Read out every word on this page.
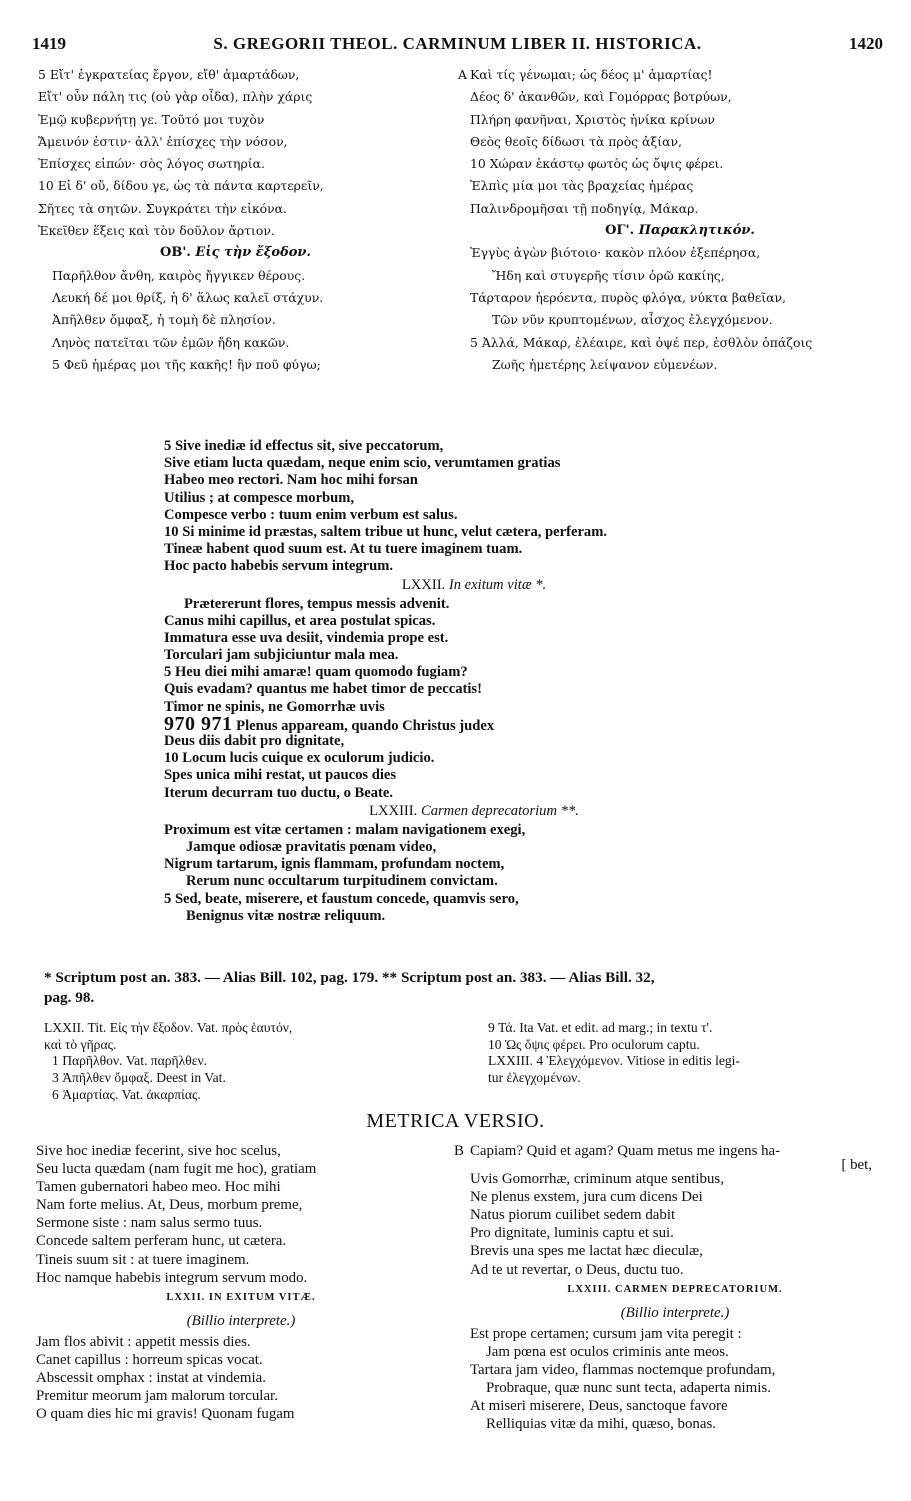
1419	S. GREGORII THEOL. CARMINUM LIBER II. HISTORICA.	1420
5 Εἴτ' ἐγκρατείας ἔργον, εἴθ' ἁμαρτάδων,
Εἴτ' οὖν πάλη τις (οὐ γὰρ οἶδα), πλὴν χάρις
Ἐμῷ κυβερνήτῃ γε. Τοῦτό μοι τυχὸν
Ἄμεινόν ἐστιν· ἀλλ' ἐπίσχες τὴν νόσον,
Ἐπίσχες εἰπών· σὸς λόγος σωτηρία.
10 Εἰ δ' οὔ, δίδου γε, ὡς τὰ πάντα καρτερεῖν,
Σῆτες τὰ σητῶν. Συγκράτει τὴν εἰκόνα.
Ἐκεῖθεν ἕξεις καὶ τὸν δοῦλον ἄρτιον.
ΟΒ'. Εἰς τὴν ἔξοδον.
Παρῆλθον ἄνθη, καιρὸς ἤγγικεν θέρους.
Λευκή δέ μοι θρίξ, ἡ δ' ἅλως καλεῖ στάχυν.
Ἀπῆλθεν ὄμφαξ, ἡ τομὴ δὲ πλησίον.
Ληνὸς πατεῖται τῶν ἐμῶν ἤδη κακῶν.
5 Φεῦ ἡμέρας μοι τῆς κακῆς! ἣν ποῦ φύγω;
A Καὶ τίς γένωμαι; ὡς δέος μ' ἁμαρτίας!
Δέος δ' ἀκανθῶν, καὶ Γομόρρας βοτρύων,
Πλήρη φανῆναι, Χριστὸς ἡνίκα κρίνων
Θεὸς θεοῖς δίδωσι τὰ πρὸς ἀξίαν,
10 Χώραν ἑκάστῳ φωτὸς ὡς ὄψις φέρει.
Ἐλπὶς μία μοι τὰς βραχείας ἡμέρας
Παλινδρομῆσαι τῇ ποδηγίᾳ, Μάκαρ.
ΟΓ'. Παρακλητικόν.
Ἐγγὺς ἀγὼν βιότοιο· κακὸν πλόον ἐξεπέρησα,
Ἤδη καὶ στυγερῆς τίσιν ὁρῶ κακίης,
Τάρταρον ἠερόεντα, πυρὸς φλόγα, νύκτα βαθεῖαν,
Τῶν νῦν κρυπτομένων, αἶσχος ἐλεγχόμενον.
5 Ἀλλά, Μάκαρ, ἐλέαιρε, καὶ ὀψέ περ, ἐσθλὸν ὀπάζοις
Ζωῆς ἡμετέρης λείψανον εὐμενέων.
5 Sive inediæ id effectus sit, sive peccatorum,
Sive etiam lucta quædam, neque enim scio, verumtamen gratias
Habeo meo rectori. Nam hoc mihi forsan
Utilius ; at compesce morbum,
Compesce verbo : tuum enim verbum est salus.
10 Si minime id præstas, saltem tribue ut hunc, velut cætera, perferam.
Tineæ habent quod suum est. At tu tuere imaginem tuam.
Hoc pacto habebis servum integrum.
LXXII. In exitum vitæ *.
Prætererunt flores, tempus messis advenit.
Canus mihi capillus, et area postulat spicas.
Immatura esse uva desiit, vindemia prope est.
Torculari jam subjiciuntur mala mea.
5 Heu diei mihi amaræ! quam quomodo fugiam?
Quis evadam? quantus me habet timor de peccatis!
Timor ne spinis, ne Gomorrhæ uvis
970 971 Plenus appaream, quando Christus judex
Deus diis dabit pro dignitate,
10 Locum lucis cuique ex oculorum judicio.
Spes unica mihi restat, ut paucos dies
Iterum decurram tuo ductu, o Beate.
LXXIII. Carmen deprecatorium **.
Proximum est vitæ certamen : malam navigationem exegi,
Jamque odiosæ pravitatis pœnam video,
Nigrum tartarum, ignis flammam, profundam noctem,
Rerum nunc occultarum turpitudinem convictam.
5 Sed, beate, miserere, et faustum concede, quamvis sero,
Benignus vitæ nostræ reliquum.
* Scriptum post an. 383. — Alias Bill. 102, pag. 179. ** Scriptum post an. 383. — Alias Bill. 32,
pag. 98.
LXXII. Tit. Εἰς τὴν ἔξοδον. Vat. πρὸς ἑαυτόν,
καὶ τὸ γῆρας.
1 Παρῆλθον. Vat. παρῆλθεν.
3 Ἀπῆλθεν ὄμφαξ. Deest in Vat.
6 Ἁμαρτίας. Vat. ἀκαρπίας.
9 Τά. Ita Vat. et edit. ad marg.; in textu τ'.
10 Ὡς ὄψις φέρει. Pro oculorum captu.
LXXIII. 4 Ἐλεγχόμενον. Vitiose in editis legi-
tur ἐλεγχομένων.
METRICA VERSIO.
Sive hoc inediæ fecerint, sive hoc scelus,
Seu lucta quædam (nam fugit me hoc), gratiam
Tamen gubernatori habeo meo. Hoc mihi
Nam forte melius. At, Deus, morbum preme,
Sermone siste : nam salus sermo tuus.
Concede saltem perferam hunc, ut cætera.
Tineis suum sit : at tuere imaginem.
Hoc namque habebis integrum servum modo.
LXXII. IN EXITUM VITÆ.
(Billio interprete.)
Jam flos abivit : appetit messis dies.
Canet capillus : horreum spicas vocat.
Abscessit omphax : instat at vindemia.
Premitur meorum jam malorum torcular.
O quam dies hic mi gravis! Quonam fugam
B Capiam? Quid et agam? Quam metus me ingens ha-
[ bet,
Uvis Gomorrhæ, criminum atque sentibus,
Ne plenus exstem, jura cum dicens Dei
Natus piorum cuilibet sedem dabit
Pro dignitate, luminis captu et sui.
Brevis una spes me lactat hæc dieculæ,
Ad te ut revertar, o Deus, ductu tuo.
LXXIII. CARMEN DEPRECATORIUM.
(Billio interprete.)
Est prope certamen; cursum jam vita peregit :
Jam pœna est oculos criminis ante meos.
Tartara jam video, flammas noctemque profundam,
Probraque, quæ nunc sunt tecta, adaperta nimis.
At miseri miserere, Deus, sanctoque favore
Relliquias vitæ da mihi, quæso, bonas.
